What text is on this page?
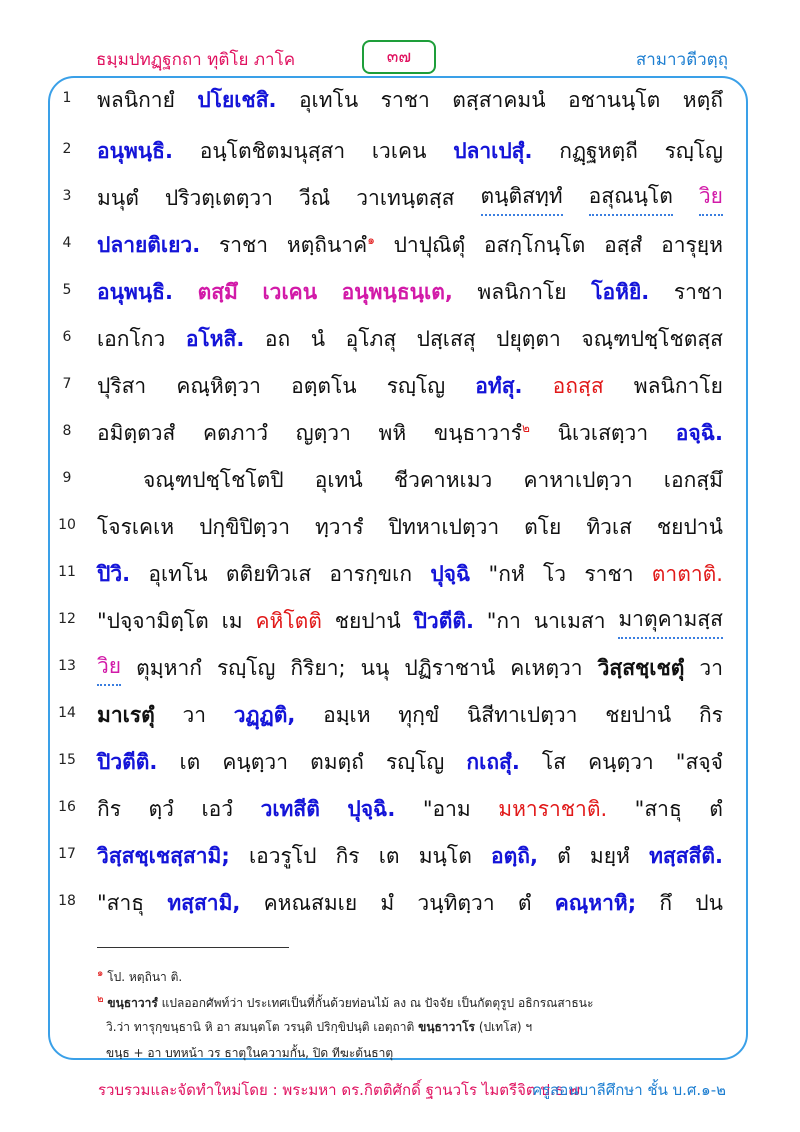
ธมฺมปทฏฺฐกถา ทุติโย ภาโค	๓๗	สามาวตีวตฺถุ
1	พลนิกายํ ปโยเชสิ. อุเทโน ราชา ตสฺสาคมนํ อชานนฺโต หตฺถึ
2	อนุพนฺธิ. อนฺโตชิตมนุสฺสา เวเคน ปลาเปสุํ. กฏฺฐหตฺถี รญฺโญ
3	มนุตํ ปริวตฺเตตฺวา วีณํ วาเทนฺตสฺส ตนฺติสทฺทํ อสุณนฺโต วิย
4	ปลายติเยว. ราชา หตฺถินาคํ$^๑$ ปาปุณิตุํ อสกฺโกนฺโต อสฺสํ อารุยฺห
5	อนุพนฺธิ. ตสฺมึ เวเคน อนุพนฺธนฺเต, พลนิกาโย โอหิยิ. ราชา
6	เอกโกว อโหสิ. อถ นํ อุโภสุ ปสฺเสสุ ปยุตฺตา จณฺฑปชฺโชตสฺส
7	ปุริสา คณฺหิตฺวา อตฺตโน รญฺโญ อทํสุ. อถสฺส พลนิกาโย
8	อมิตฺตวสํ คตภาวํ ญตฺวา พหิ ขนฺธาวารํ$^๒$ นิเวเสตฺวา อจฺฉิ.
9	จณฺฑปชฺโชโตปิ อุเทนํ ชีวคาหเมว คาหาเปตฺวา เอกสฺมึ
10	โจรเคเห ปกฺขิปิตฺวา ทฺวารํ ปิทหาเปตฺวา ตโย ทิวเส ชยปานํ
11	ปิวิ. อุเทโน ตติยทิวเส อารกฺขเก ปุจฺฉิ "กหํ โว ราชา ตาตาติ.
12	"ปจฺจามิตฺโต เม คหิโตติ ชยปานํ ปิวตีติ. "กา นาเมสา มาตุคามสฺส
13	วิย ตุมฺหากํ รญฺโญ กิริยา; นนุ ปฏิราชานํ คเหตฺวา วิสฺสชฺเชตุํ วา
14	มาเรตุํ วา วฏฺฏติ, อมฺเห ทุกฺขํ นิสีทาเปตฺวา ชยปานํ กิร
15	ปิวตีติ. เต คนฺตฺวา ตมตฺถํ รญฺโญ กเถสุํ. โส คนฺตฺวา "สจฺจํ
16	กิร ตฺวํ เอวํ วเทสีติ ปุจฺฉิ. "อาม มหาราชาติ. "สาธุ ตํ
17	วิสฺสชฺเชสฺสามิ; เอวรูโป กิร เต มนฺโต อตฺถิ, ตํ มยฺหํ ทสฺสสีติ.
18	"สาธุ ทสฺสามิ, คหณสมเย มํ วนฺทิตฺวา ตํ คณฺหาหิ; กึ ปน
$^๑$ โป. หตฺถินา ติ.
$^๒$ ขนฺธาวารํ แปลออกศัพท์ว่า ประเทศเป็นที่กั้นด้วยท่อนไม้ ลง ณ ปัจจัย เป็นกัตตุรูป อธิกรณสาธนะ
วิ.ว่า ทารุกฺขนฺธานิ หิ อา สมนฺตโต วรนฺติ ปริกฺขิปนฺติ เอตฺถาติ ขนฺธาวาโร (ปเทโส) ฯ
ขนฺธ + อา บทหน้า วร ธาตุในความกั้น, ปิด ทีฆะต้นธาตุ
รวบรวมและจัดทำใหม่โดย : พระมหา ดร.กิตติศักดิ์ ฐานวโร ไมตรีจิต ป.ธ.๗
ครูสอนบาลีศึกษา ชั้น บ.ศ.๑-๒
